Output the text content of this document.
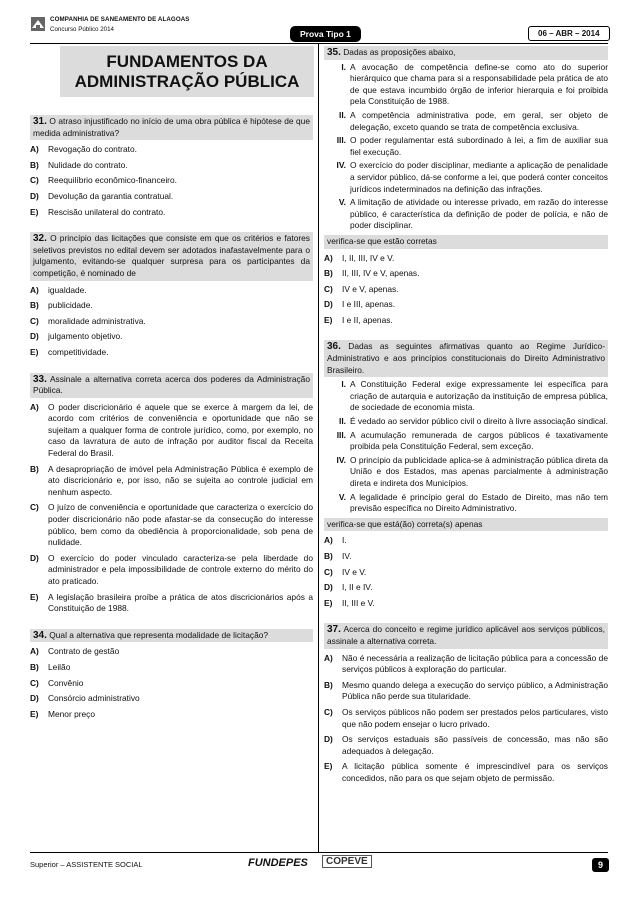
COMPANHIA DE SANEAMENTO DE ALAGOAS
Concurso Público 2014	Prova Tipo 1	06 – ABR – 2014
FUNDAMENTOS DA ADMINISTRAÇÃO PÚBLICA
31. O atraso injustificado no início de uma obra pública é hipótese de que medida administrativa?
A)	Revogação do contrato.
B)	Nulidade do contrato.
C)	Reequilíbrio econômico-financeiro.
D)	Devolução da garantia contratual.
E)	Rescisão unilateral do contrato.
32. O princípio das licitações que consiste em que os critérios e fatores seletivos previstos no edital devem ser adotados inafastavelmente para o julgamento, evitando-se qualquer surpresa para os participantes da competição, é nominado de
A)	igualdade.
B)	publicidade.
C)	moralidade administrativa.
D)	julgamento objetivo.
E)	competitividade.
33. Assinale a alternativa correta acerca dos poderes da Administração Pública.
A)	O poder discricionário é aquele que se exerce à margem da lei, de acordo com critérios de conveniência e oportunidade que não se sujeitam a qualquer forma de controle jurídico, como, por exemplo, no caso da lavratura de auto de infração por auditor fiscal da Receita Federal do Brasil.
B)	A desapropriação de imóvel pela Administração Pública é exemplo de ato discricionário e, por isso, não se sujeita ao controle judicial em nenhum aspecto.
C)	O juízo de conveniência e oportunidade que caracteriza o exercício do poder discricionário não pode afastar-se da consecução do interesse público, bem como da obediência à proporcionalidade, sob pena de nulidade.
D)	O exercício do poder vinculado caracteriza-se pela liberdade do administrador e pela impossibilidade de controle externo do mérito do ato praticado.
E)	A legislação brasileira proíbe a prática de atos discricionários após a Constituição de 1988.
34. Qual a alternativa que representa modalidade de licitação?
A)	Contrato de gestão
B)	Leilão
C)	Convênio
D)	Consórcio administrativo
E)	Menor preço
35. Dadas as proposições abaixo,
I. A avocação de competência define-se como ato do superior hierárquico que chama para si a responsabilidade pela prática de ato de que estava incumbido órgão de inferior hierarquia e foi proibida pela Constituição de 1988.
II. A competência administrativa pode, em geral, ser objeto de delegação, exceto quando se trata de competência exclusiva.
III. O poder regulamentar está subordinado à lei, a fim de auxiliar sua fiel execução.
IV. O exercício do poder disciplinar, mediante a aplicação de penalidade a servidor público, dá-se conforme a lei, que poderá conter conceitos jurídicos indeterminados na definição das infrações.
V. A limitação de atividade ou interesse privado, em razão do interesse público, é característica da definição de poder de polícia, e não de poder disciplinar.
verifica-se que estão corretas
A)	I, II, III, IV e V.
B)	II, III, IV e V, apenas.
C)	IV e V, apenas.
D)	I e III, apenas.
E)	I e II, apenas.
36. Dadas as seguintes afirmativas quanto ao Regime Jurídico-Administrativo e aos princípios constitucionais do Direito Administrativo Brasileiro.
I. A Constituição Federal exige expressamente lei específica para criação de autarquia e autorização da instituição de empresa pública, de sociedade de economia mista.
II. É vedado ao servidor público civil o direito à livre associação sindical.
III. A acumulação remunerada de cargos públicos é taxativamente proibida pela Constituição Federal, sem exceção.
IV. O princípio da publicidade aplica-se à administração pública direta da União e dos Estados, mas apenas parcialmente à administração direta e indireta dos Municípios.
V. A legalidade é princípio geral do Estado de Direito, mas não tem previsão específica no Direito Administrativo.
verifica-se que está(ão) correta(s) apenas
A)	I.
B)	IV.
C)	IV e V.
D)	I, II e IV.
E)	II, III e V.
37. Acerca do conceito e regime jurídico aplicável aos serviços públicos, assinale a alternativa correta.
A)	Não é necessária a realização de licitação pública para a concessão de serviços públicos à exploração do particular.
B)	Mesmo quando delega a execução do serviço público, a Administração Pública não perde sua titularidade.
C)	Os serviços públicos não podem ser prestados pelos particulares, visto que não podem ensejar o lucro privado.
D)	Os serviços estaduais são passíveis de concessão, mas não são adequados à delegação.
E)	A licitação pública somente é imprescindível para os serviços concedidos, não para os que sejam objeto de permissão.
Superior – ASSISTENTE SOCIAL	FUNDEPES	COPEVE	9
